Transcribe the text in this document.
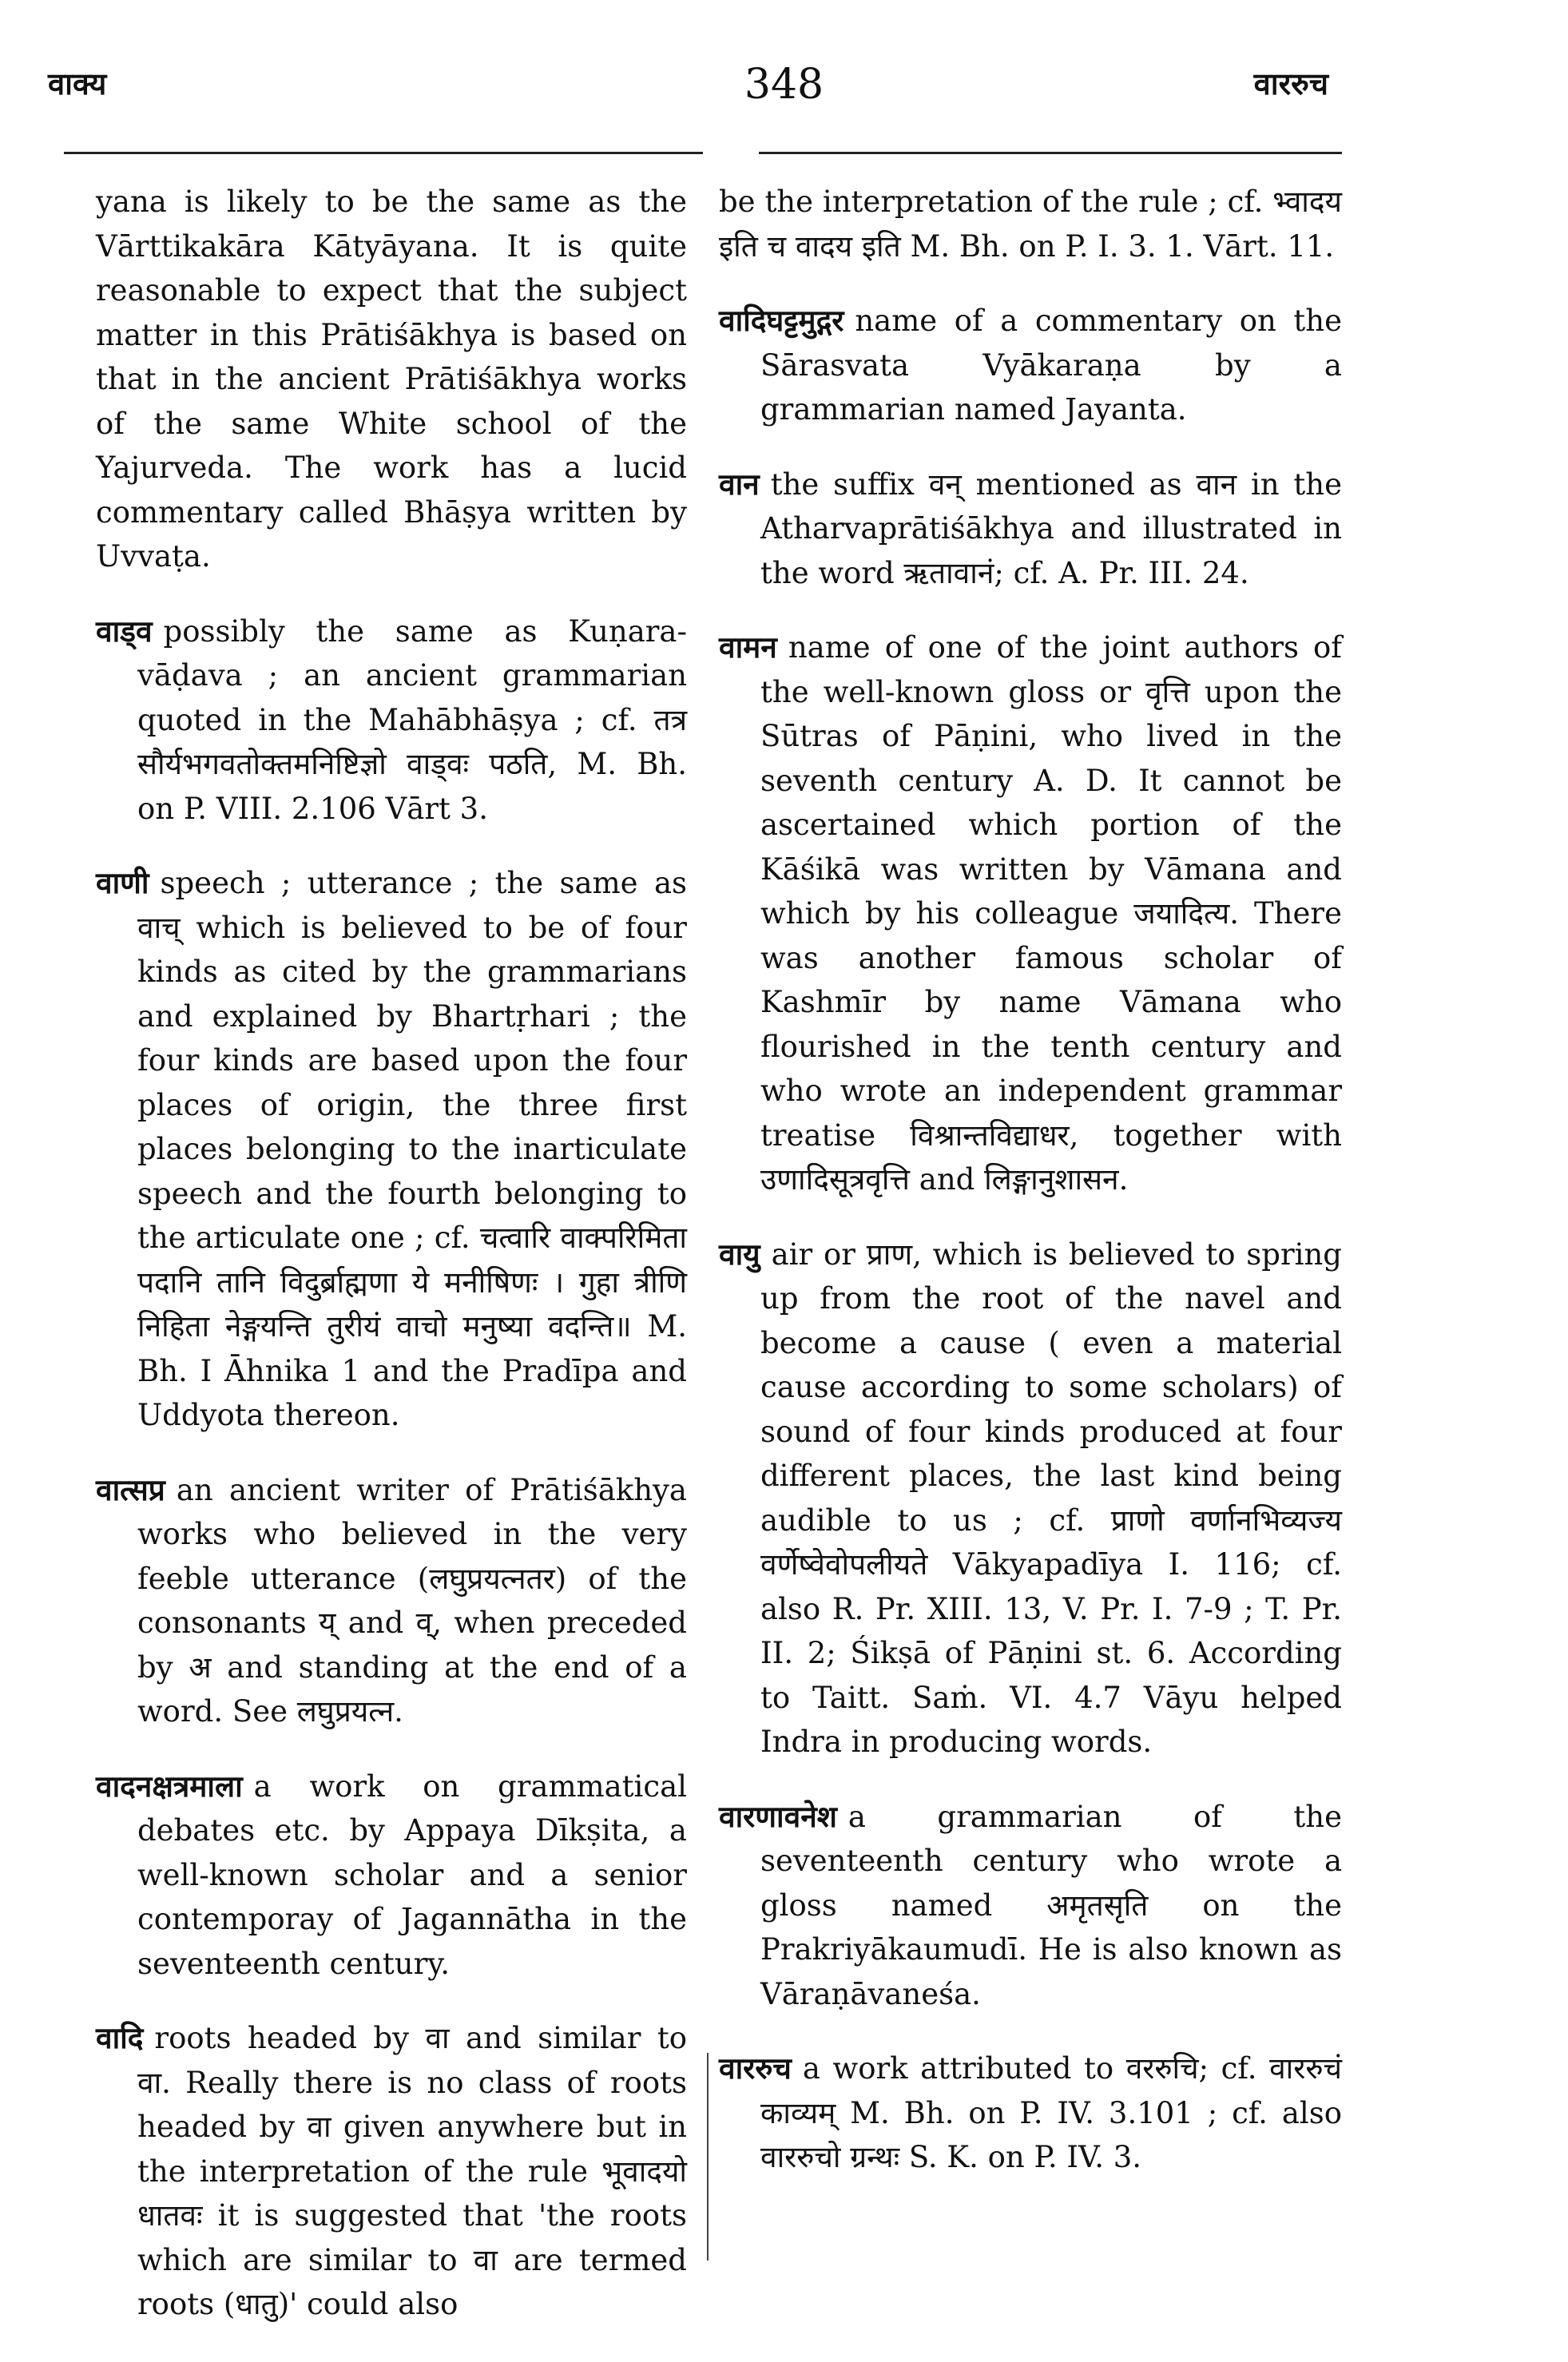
वाक्य	348	वाररुच

yana is likely to be the same as the Vārttikakāra Kātyāyana. It is quite reasonable to expect that the subject matter in this Prātiśākhya is based on that in the ancient Prātiśākhya works of the same White school of the Yajurveda. The work has a lucid commentary called Bhāṣya written by Uvvaṭa.

वाड्व possibly the same as Kuṇara-vāḍava ; an ancient grammarian quoted in the Mahābhāṣya ; cf. तत्र सौर्यभगवतोक्तमनिष्टिज्ञो वाड्वः पठति, M. Bh. on P. VIII. 2.106 Vārt 3.

वाणी speech ; utterance ; the same as वाच् which is believed to be of four kinds as cited by the grammarians and explained by Bhartṛhari ; the four kinds are based upon the four places of origin, the three first places belonging to the inarticulate speech and the fourth belonging to the articulate one ; cf. चत्वारि वाक्परिमिता पदानि तानि विदुर्ब्राह्मणा ये मनीषिणः । गुहा त्रीणि निहिता नेङ्गयन्ति तुरीयं वाचो मनुष्या वदन्ति॥ M. Bh. I Āhnika 1 and the Pradīpa and Uddyota thereon.

वात्सप्र an ancient writer of Prātiśākhya works who believed in the very feeble utterance (लघुप्रयत्नतर) of the consonants य् and व्, when preceded by अ and standing at the end of a word. See लघुप्रयत्न.

वादनक्षत्रमाला a work on grammatical debates etc. by Appaya Dīkṣita, a well-known scholar and a senior contemporay of Jagannātha in the seventeenth century.

वादि roots headed by वा and similar to वा. Really there is no class of roots headed by वा given anywhere but in the interpretation of the rule भूवादयो धातवः it is suggested that 'the roots which are similar to वा are termed roots (धातु)' could also

be the interpretation of the rule ; cf. भ्वादय इति च वादय इति M. Bh. on P. I. 3. 1. Vārt. 11.

वादिघट्टमुद्गर name of a commentary on the Sārasvata Vyākaraṇa by a grammarian named Jayanta.

वान the suffix वन् mentioned as वान in the Atharvaprātiśākhya and illustrated in the word ऋतावानं; cf. A. Pr. III. 24.

वामन name of one of the joint authors of the well-known gloss or वृत्ति upon the Sūtras of Pāṇini, who lived in the seventh century A. D. It cannot be ascertained which portion of the Kāśikā was written by Vāmana and which by his colleague जयादित्य. There was another famous scholar of Kashmīr by name Vāmana who flourished in the tenth century and who wrote an independent grammar treatise विश्रान्तविद्याधर, together with उणादिसूत्रवृत्ति and लिङ्गानुशासन.

वायु air or प्राण, which is believed to spring up from the root of the navel and become a cause ( even a material cause according to some scholars) of sound of four kinds produced at four different places, the last kind being audible to us ; cf. प्राणो वर्णानभिव्यज्य वर्णेष्वेवोपलीयते Vākyapadīya I. 116; cf. also R. Pr. XIII. 13, V. Pr. I. 7-9 ; T. Pr. II. 2; Śikṣā of Pāṇini st. 6. According to Taitt. Saṁ. VI. 4.7 Vāyu helped Indra in producing words.

वारणावनेश a grammarian of the seventeenth century who wrote a gloss named अमृतसृति on the Prakriyākaumudī. He is also known as Vāraṇāvaneśa.

वाररुच a work attributed to वररुचि; cf. वाररुचं काव्यम् M. Bh. on P. IV. 3.101 ; cf. also वाररुचो ग्रन्थः S. K. on P. IV. 3.
